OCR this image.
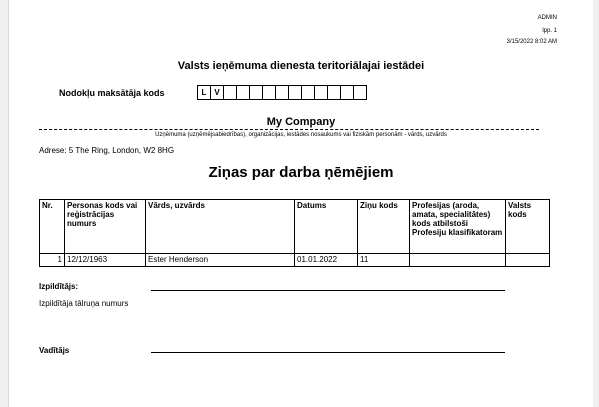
ADMIN
lpp. 1
3/15/2022 8:02 AM
Valsts ieņēmuma dienesta teritoriālajai iestādei
Nodokļu maksātāja kods	L V
My Company
Uzņēmuma (uzņēmējsabiedrības), organizācijas, iestādes nosaukums vai fiziskām personām - vārds, uzvārds
Adrese: 5 The Ring, London, W2 8HG
Ziņas par darba ņēmējiem
Nr.	Personas kods vai reģistrācijas numurs	Vārds, uzvārds	Datums	Ziņu kods	Profesijas (aroda, amata, specialitātes) kods atbilstoši Profesiju klasifikatoram	Valsts kods
1	12/12/1963	Ester Henderson	01.01.2022	11		
Izpildītājs:
Izpildītāja tālruņa numurs
Vadītājs
